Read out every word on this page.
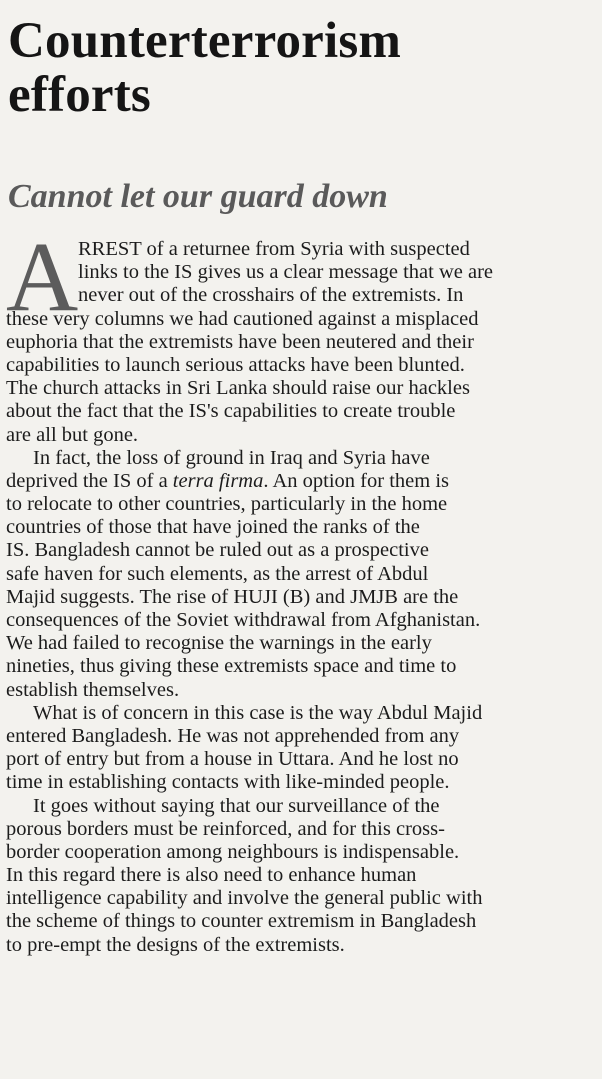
Counterterrorism
efforts
Cannot let our guard down
A RREST of a returnee from Syria with suspected
links to the IS gives us a clear message that we are
never out of the crosshairs of the extremists. In
these very columns we had cautioned against a misplaced
euphoria that the extremists have been neutered and their
capabilities to launch serious attacks have been blunted.
The church attacks in Sri Lanka should raise our hackles
about the fact that the IS's capabilities to create trouble
are all but gone.
In fact, the loss of ground in Iraq and Syria have
deprived the IS of a terra firma. An option for them is
to relocate to other countries, particularly in the home
countries of those that have joined the ranks of the
IS. Bangladesh cannot be ruled out as a prospective
safe haven for such elements, as the arrest of Abdul
Majid suggests. The rise of HUJI (B) and JMJB are the
consequences of the Soviet withdrawal from Afghanistan.
We had failed to recognise the warnings in the early
nineties, thus giving these extremists space and time to
establish themselves.
What is of concern in this case is the way Abdul Majid
entered Bangladesh. He was not apprehended from any
port of entry but from a house in Uttara. And he lost no
time in establishing contacts with like-minded people.
It goes without saying that our surveillance of the
porous borders must be reinforced, and for this cross-
border cooperation among neighbours is indispensable.
In this regard there is also need to enhance human
intelligence capability and involve the general public with
the scheme of things to counter extremism in Bangladesh
to pre-empt the designs of the extremists.
